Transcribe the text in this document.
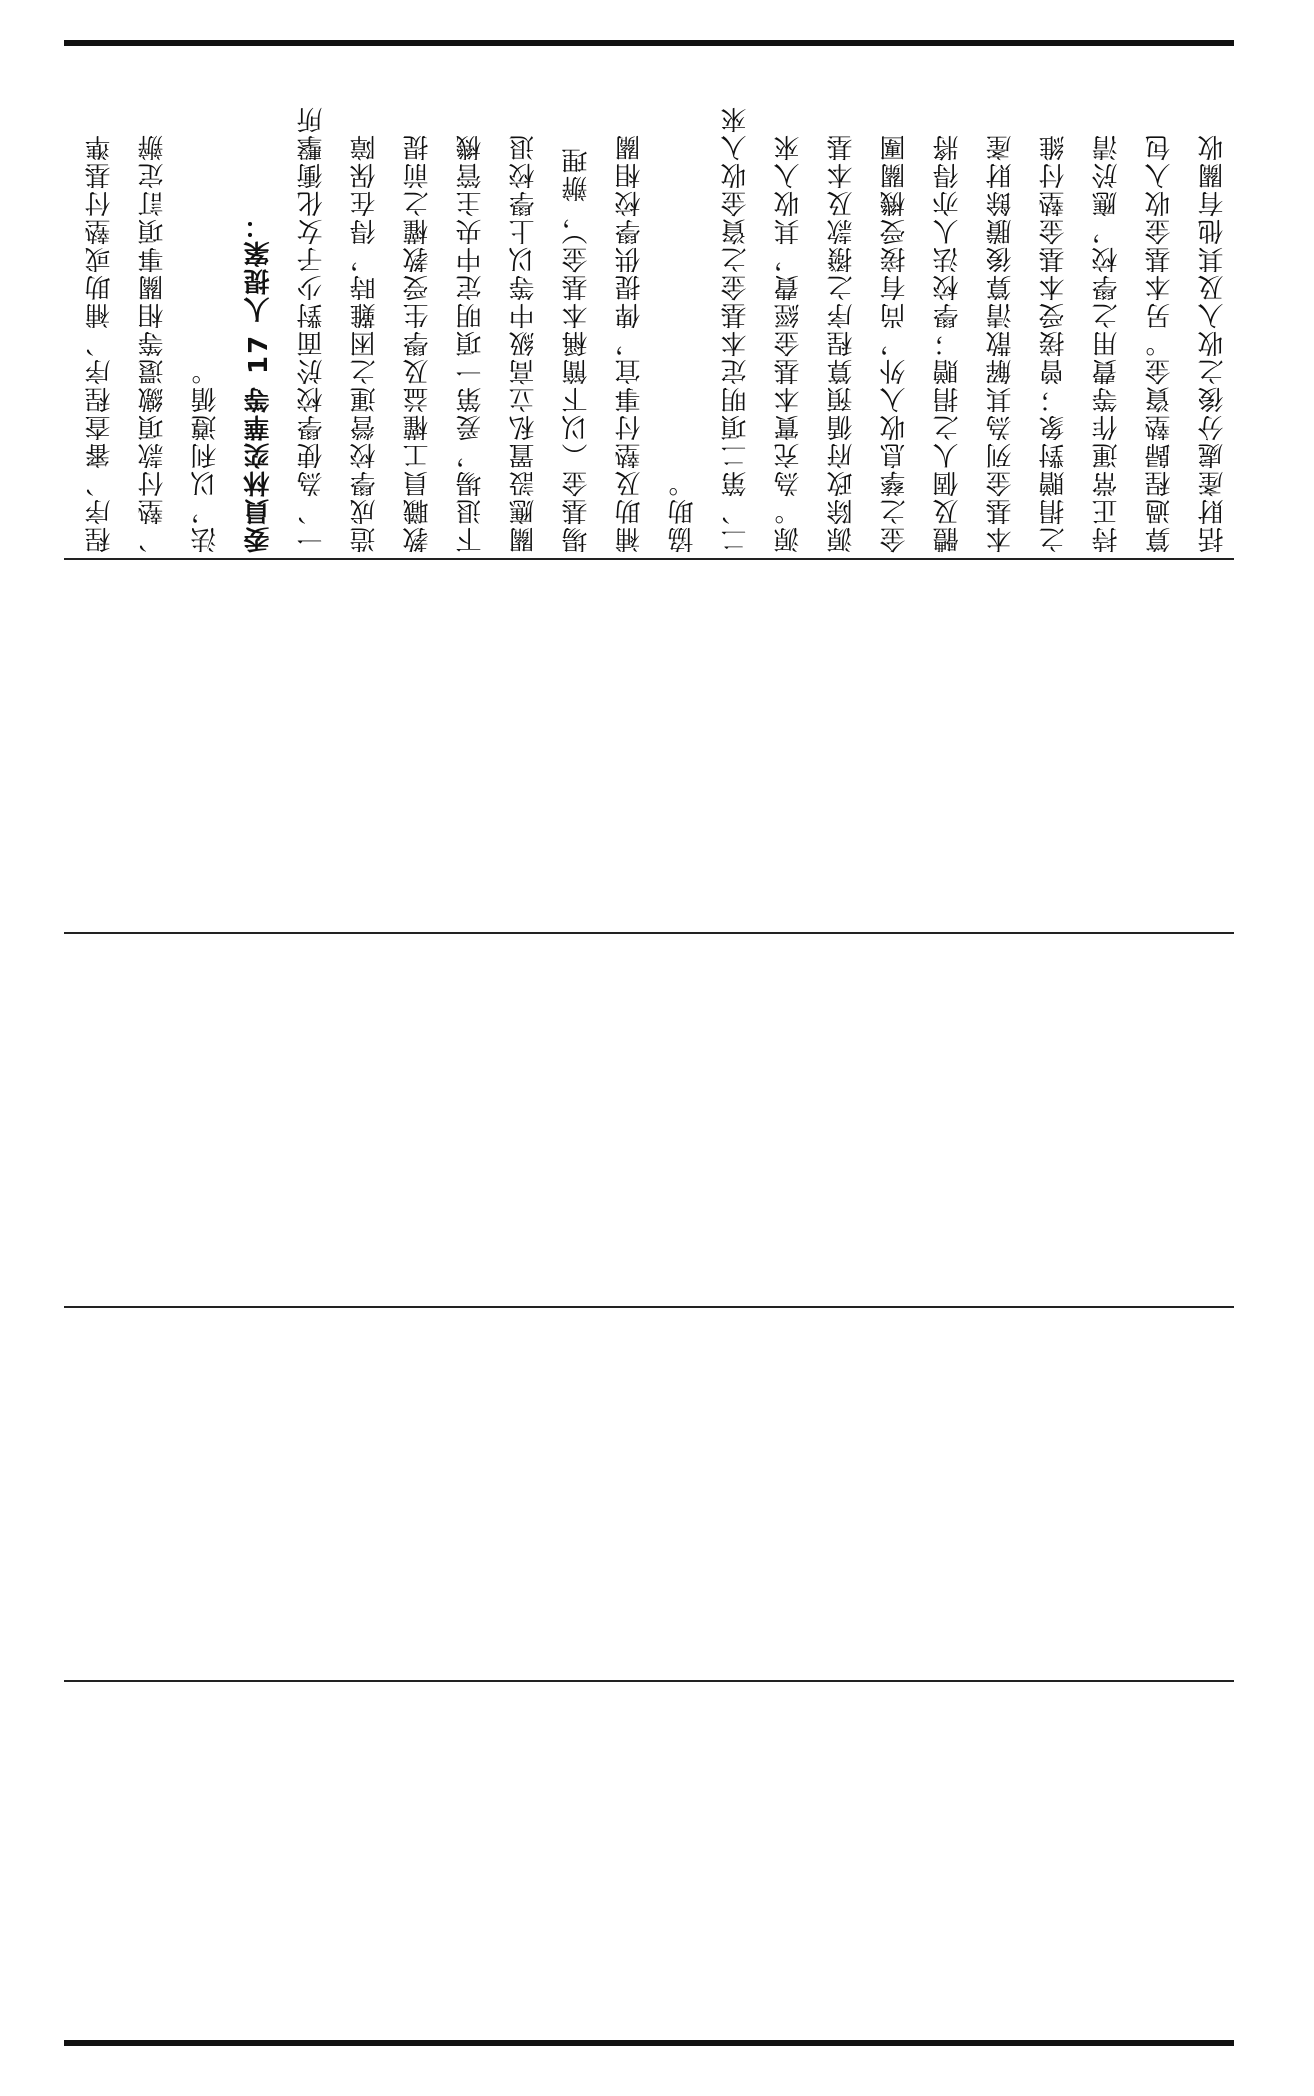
程序、審查程序、補助或墊付基準 、墊付款項繳還等相關事項訂定辦 法，以利遵循。 委員林奕華等 17 人提案： 一、為使學校於面對少子女化衝擊所 造成學校營運之困難時，得在保障 教職員工權益及學生受教權之前提 下退場，爰第一項明定中央主管機 關應設置私立高級中等以上學校退 場基金（以下簡稱本基金），辦理 補助及墊付事宜，俾提供學校相關 協助。 二、第二項明定本基金之資金收入來 源。為充實本基金經費，其收入來 源除政府循預算程序之撥款及本基 金之孳息收入外，尚有接受機關團 體及個人之捐贈；學校法人亦得將 本基金列為其解散清算後賸餘財產 之捐贈對象；曾接受本基金墊付維 持正常運作等費用之學校，應於清 算過程歸墊資金。另本基金收入包 括財產處分後之收入及其他有關收
